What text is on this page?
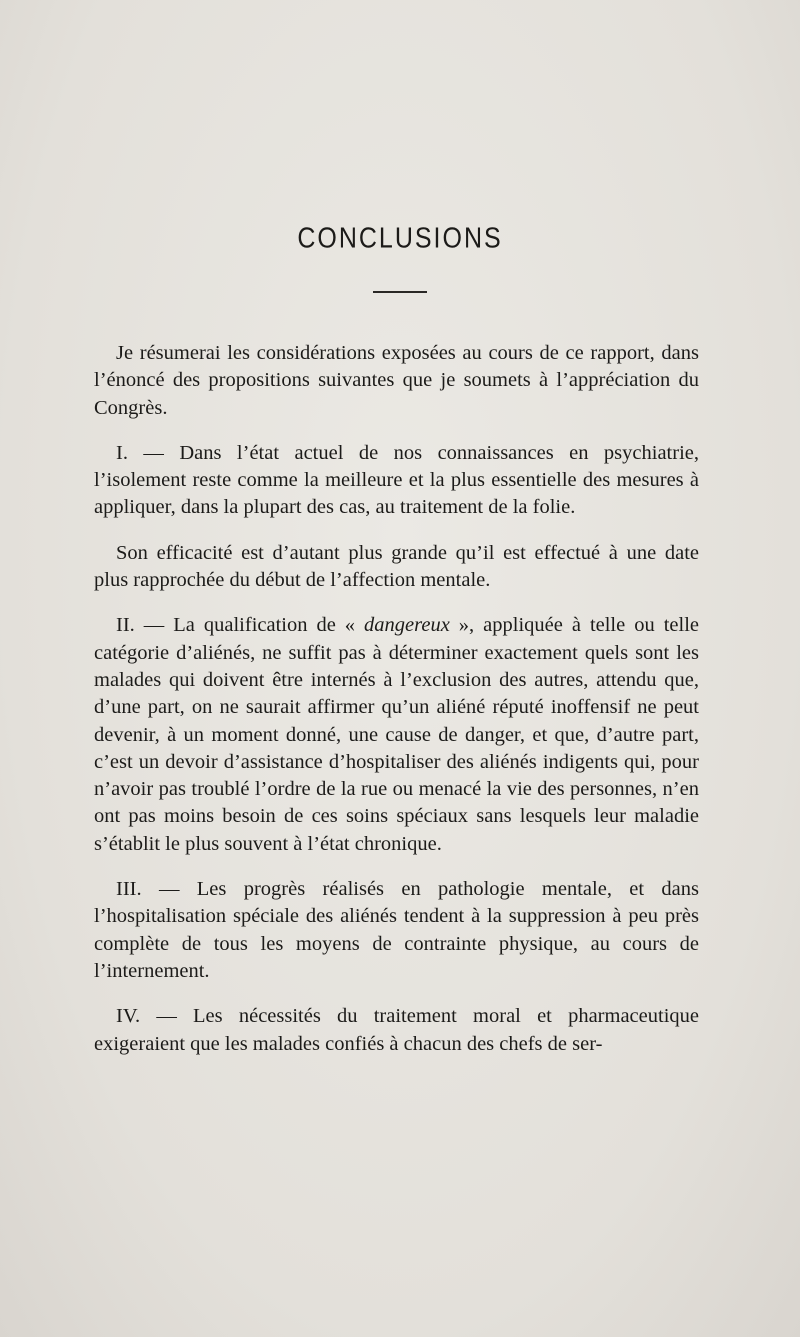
CONCLUSIONS

Je résumerai les considérations exposées au cours de ce rapport, dans l’énoncé des propositions suivantes que je soumets à l’appréciation du Congrès.

I. — Dans l’état actuel de nos connaissances en psychiatrie, l’isolement reste comme la meilleure et la plus essentielle des mesures à appliquer, dans la plupart des cas, au traitement de la folie.

Son efficacité est d’autant plus grande qu’il est effectué à une date plus rapprochée du début de l’affection mentale.

II. — La qualification de « dangereux », appliquée à telle ou telle catégorie d’aliénés, ne suffit pas à déterminer exactement quels sont les malades qui doivent être internés à l’exclusion des autres, attendu que, d’une part, on ne saurait affirmer qu’un aliéné réputé inoffensif ne peut devenir, à un moment donné, une cause de danger, et que, d’autre part, c’est un devoir d’assistance d’hospitaliser des aliénés indigents qui, pour n’avoir pas troublé l’ordre de la rue ou menacé la vie des personnes, n’en ont pas moins besoin de ces soins spéciaux sans lesquels leur maladie s’établit le plus souvent à l’état chronique.

III. — Les progrès réalisés en pathologie mentale, et dans l’hospitalisation spéciale des aliénés tendent à la suppression à peu près complète de tous les moyens de contrainte physique, au cours de l’internement.

IV. — Les nécessités du traitement moral et pharmaceutique exigeraient que les malades confiés à chacun des chefs de ser-
